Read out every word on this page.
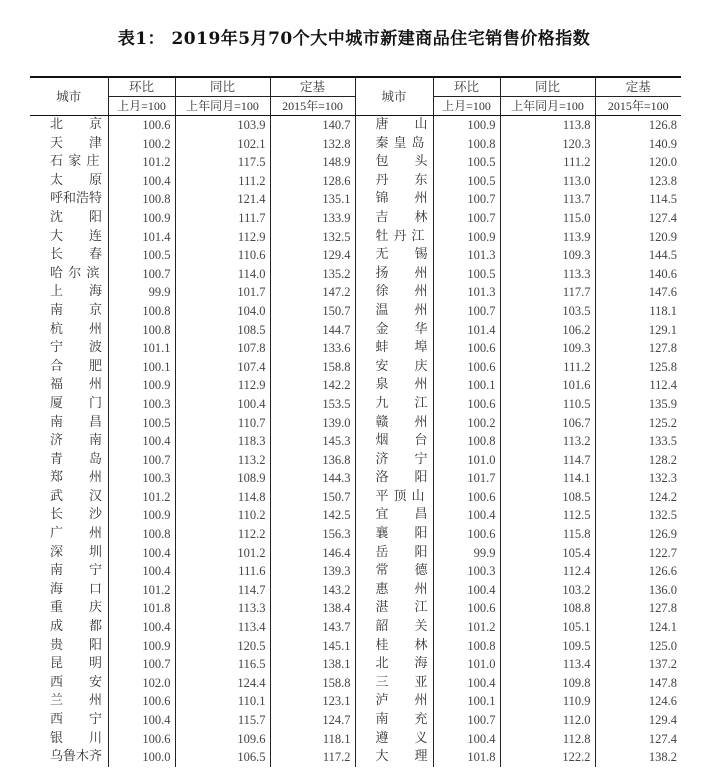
表1： 2019年5月70个大中城市新建商品住宅销售价格指数
城市	环比	同比	定基	城市	环比	同比	定基
	上月=100	上年同月=100	2015年=100		上月=100	上年同月=100	2015年=100
北　　京	100.6	103.9	140.7	唐　　山	100.9	113.8	126.8
天　　津	100.2	102.1	132.8	秦 皇 岛	100.8	120.3	140.9
石 家 庄	101.2	117.5	148.9	包　　头	100.5	111.2	120.0
太　　原	100.4	111.2	128.6	丹　　东	100.5	113.0	123.8
呼和浩特	100.8	121.4	135.1	锦　　州	100.7	113.7	114.5
沈　　阳	100.9	111.7	133.9	吉　　林	100.7	115.0	127.4
大　　连	101.4	112.9	132.5	牡 丹 江	100.9	113.9	120.9
长　　春	100.5	110.6	129.4	无　　锡	101.3	109.3	144.5
哈 尔 滨	100.7	114.0	135.2	扬　　州	100.5	113.3	140.6
上　　海	99.9	101.7	147.2	徐　　州	101.3	117.7	147.6
南　　京	100.8	104.0	150.7	温　　州	100.7	103.5	118.1
杭　　州	100.8	108.5	144.7	金　　华	101.4	106.2	129.1
宁　　波	101.1	107.8	133.6	蚌　　埠	100.6	109.3	127.8
合　　肥	100.1	107.4	158.8	安　　庆	100.6	111.2	125.8
福　　州	100.9	112.9	142.2	泉　　州	100.1	101.6	112.4
厦　　门	100.3	100.4	153.5	九　　江	100.6	110.5	135.9
南　　昌	100.5	110.7	139.0	赣　　州	100.2	106.7	125.2
济　　南	100.4	118.3	145.3	烟　　台	100.8	113.2	133.5
青　　岛	100.7	113.2	136.8	济　　宁	101.0	114.7	128.2
郑　　州	100.3	108.9	144.3	洛　　阳	101.7	114.1	132.3
武　　汉	101.2	114.8	150.7	平 顶 山	100.6	108.5	124.2
长　　沙	100.9	110.2	142.5	宜　　昌	100.4	112.5	132.5
广　　州	100.8	112.2	156.3	襄　　阳	100.6	115.8	126.9
深　　圳	100.4	101.2	146.4	岳　　阳	99.9	105.4	122.7
南　　宁	100.4	111.6	139.3	常　　德	100.3	112.4	126.6
海　　口	101.2	114.7	143.2	惠　　州	100.4	103.2	136.0
重　　庆	101.8	113.3	138.4	湛　　江	100.6	108.8	127.8
成　　都	100.4	113.4	143.7	韶　　关	101.2	105.1	124.1
贵　　阳	100.9	120.5	145.1	桂　　林	100.8	109.5	125.0
昆　　明	100.7	116.5	138.1	北　　海	101.0	113.4	137.2
西　　安	102.0	124.4	158.8	三　　亚	100.4	109.8	147.8
兰　　州	100.6	110.1	123.1	泸　　州	100.1	110.9	124.6
西　　宁	100.4	115.7	124.7	南　　充	100.7	112.0	129.4
银　　川	100.6	109.6	118.1	遵　　义	100.4	112.8	127.4
乌鲁木齐	100.0	106.5	117.2	大　　理	101.8	122.2	138.2
